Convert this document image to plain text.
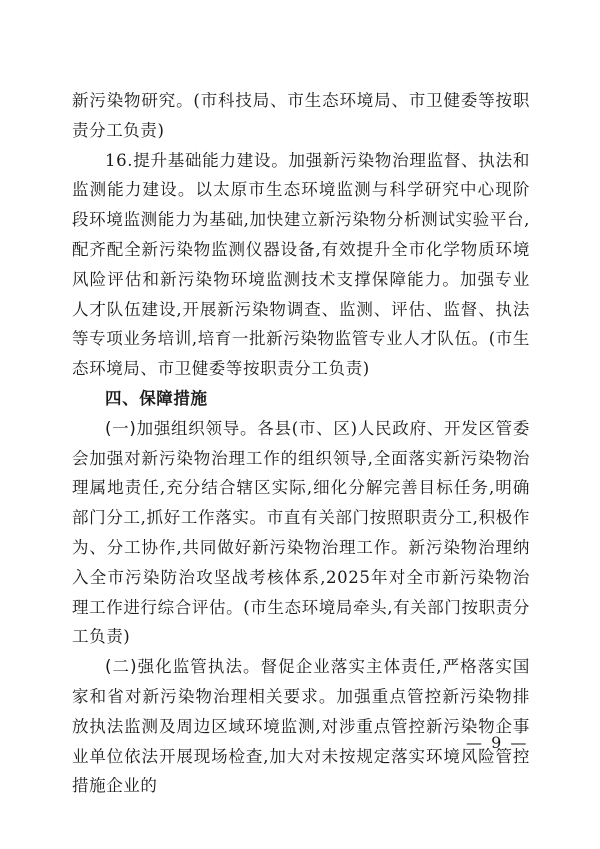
新污染物研究。(市科技局、市生态环境局、市卫健委等按职责分工负责)

16.提升基础能力建设。加强新污染物治理监督、执法和监测能力建设。以太原市生态环境监测与科学研究中心现阶段环境监测能力为基础,加快建立新污染物分析测试实验平台,配齐配全新污染物监测仪器设备,有效提升全市化学物质环境风险评估和新污染物环境监测技术支撑保障能力。加强专业人才队伍建设,开展新污染物调查、监测、评估、监督、执法等专项业务培训,培育一批新污染物监管专业人才队伍。(市生态环境局、市卫健委等按职责分工负责)

四、保障措施

(一)加强组织领导。各县(市、区)人民政府、开发区管委会加强对新污染物治理工作的组织领导,全面落实新污染物治理属地责任,充分结合辖区实际,细化分解完善目标任务,明确部门分工,抓好工作落实。市直有关部门按照职责分工,积极作为、分工协作,共同做好新污染物治理工作。新污染物治理纳入全市污染防治攻坚战考核体系,2025年对全市新污染物治理工作进行综合评估。(市生态环境局牵头,有关部门按职责分工负责)

(二)强化监管执法。督促企业落实主体责任,严格落实国家和省对新污染物治理相关要求。加强重点管控新污染物排放执法监测及周边区域环境监测,对涉重点管控新污染物企事业单位依法开展现场检查,加大对未按规定落实环境风险管控措施企业的

— 9 —
